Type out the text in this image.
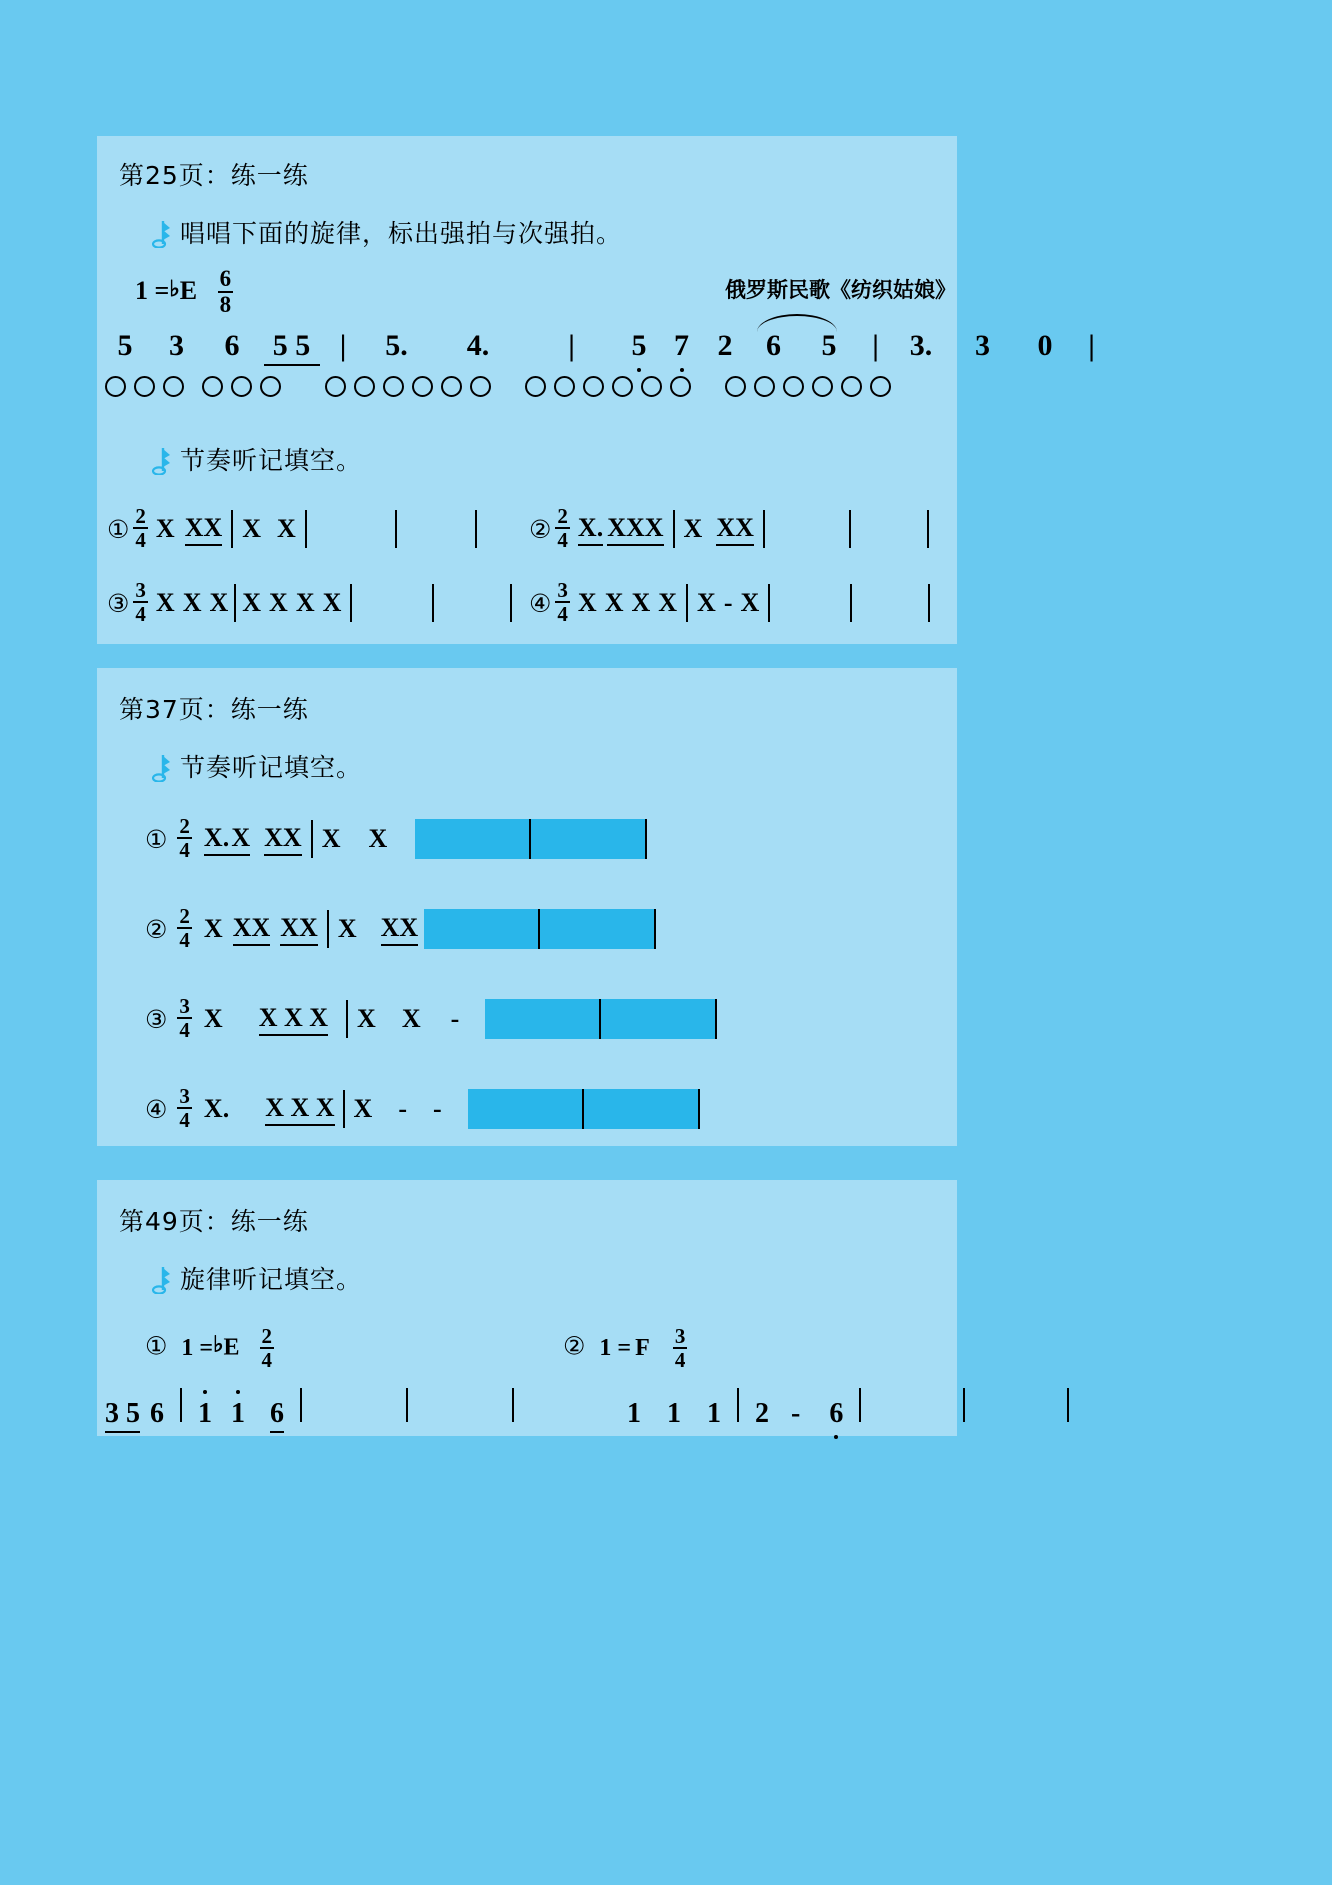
第25页：练一练
唱唱下面的旋律，标出强拍与次强拍。
1 =♭E $\frac{6}{8}$	俄罗斯民歌《纺织姑娘》
5 3 6 5 5 | 5. 4.	| 5 7 2 6 5 | 3. 3 0 |
节奏听记填空。
① $\frac{2}{4}$ X XX X X	② $\frac{2}{4} X$. XXX X XX
③ $\frac{3}{4}$ X X X X X X X	④ $\frac{3}{4}$ X X X X X - X
第37页：练一练
节奏听记填空。
① $\frac{2}{4} X$. X XX X X
② $\frac{2}{4}$ X XX XX X XX
③ $\frac{3}{4}$ X X X X X X -
④ $\frac{3}{4} X$. X X X X - -
第49页：练一练
旋律听记填空。
① 1 =♭E $\frac{2}{4}$	② 1 = F $\frac{3}{4}$
3 5 6 1 1 6	1 1 1 2 - 6
